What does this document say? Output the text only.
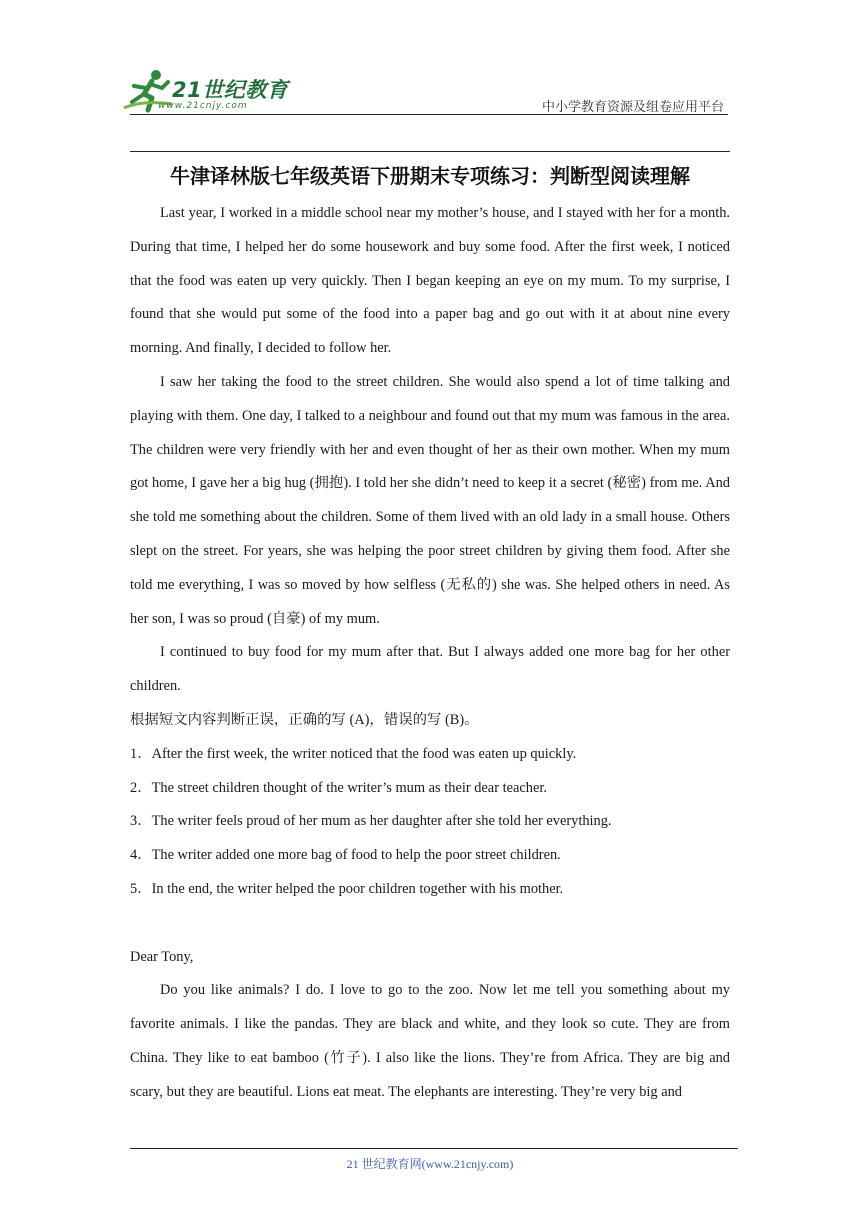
21世纪教育
www.21cnjy.com	中小学教育资源及组卷应用平台
牛津译林版七年级英语下册期末专项练习：判断型阅读理解

Last year, I worked in a middle school near my mother’s house, and I stayed with her for a month. During that time, I helped her do some housework and buy some food. After the first week, I noticed that the food was eaten up very quickly. Then I began keeping an eye on my mum. To my surprise, I found that she would put some of the food into a paper bag and go out with it at about nine every morning. And finally, I decided to follow her.

I saw her taking the food to the street children. She would also spend a lot of time talking and playing with them. One day, I talked to a neighbour and found out that my mum was famous in the area. The children were very friendly with her and even thought of her as their own mother. When my mum got home, I gave her a big hug (拥抱). I told her she didn’t need to keep it a secret (秘密) from me. And she told me something about the children. Some of them lived with an old lady in a small house. Others slept on the street. For years, she was helping the poor street children by giving them food. After she told me everything, I was so moved by how selfless (无私的) she was. She helped others in need. As her son, I was so proud (自豪) of my mum.

I continued to buy food for my mum after that. But I always added one more bag for her other children.

根据短文内容判断正误，正确的写 (A)，错误的写 (B)。

1．After the first week, the writer noticed that the food was eaten up quickly.

2．The street children thought of the writer’s mum as their dear teacher.

3．The writer feels proud of her mum as her daughter after she told her everything.

4．The writer added one more bag of food to help the poor street children.

5．In the end, the writer helped the poor children together with his mother.

Dear Tony,

Do you like animals? I do. I love to go to the zoo. Now let me tell you something about my favorite animals. I like the pandas. They are black and white, and they look so cute. They are from China. They like to eat bamboo (竹子). I also like the lions. They’re from Africa. They are big and scary, but they are beautiful. Lions eat meat. The elephants are interesting. They’re very big and

21 世纪教育网(www.21cnjy.com)
